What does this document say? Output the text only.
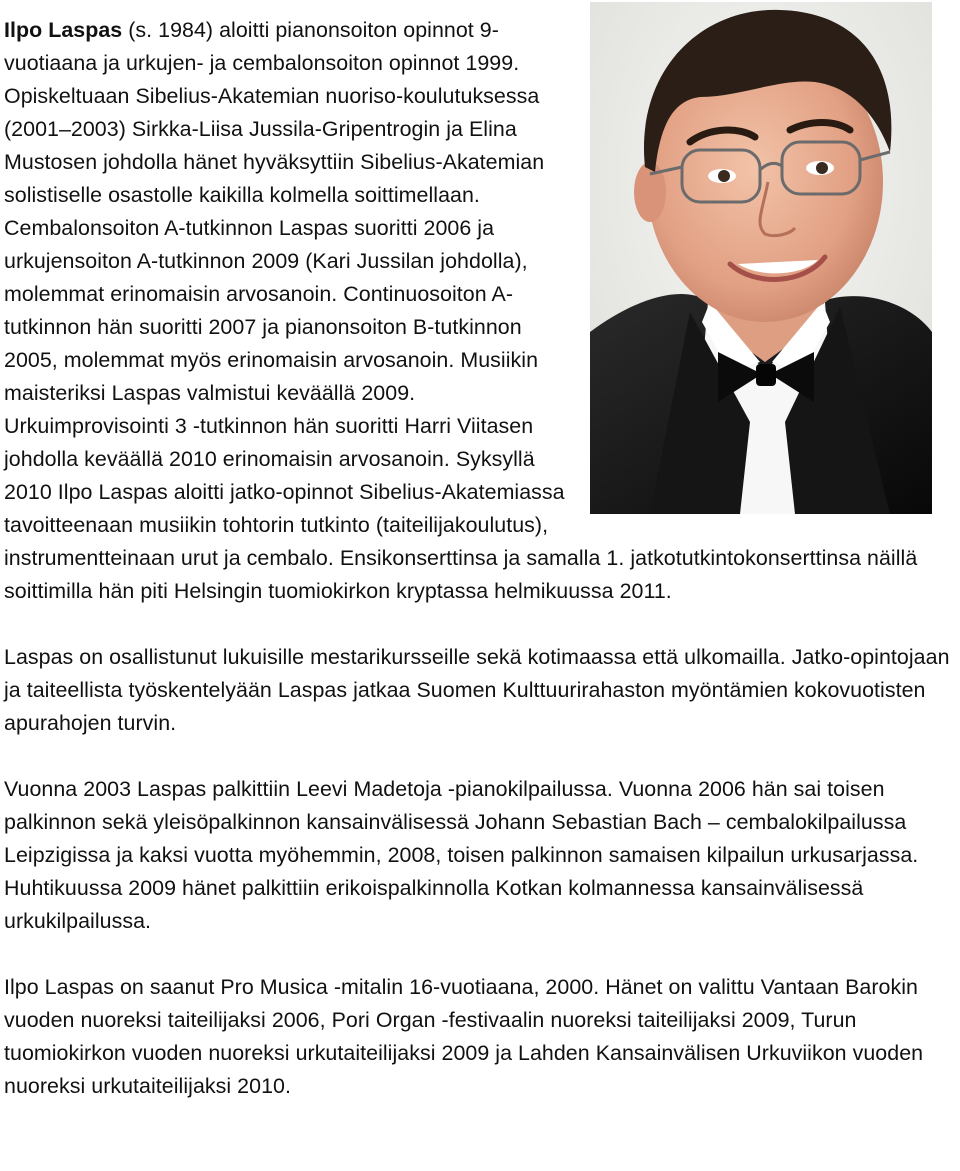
Ilpo Laspas (s. 1984) aloitti pianonsoiton opinnot 9-vuotiaana ja urkujen- ja cembalonsoiton opinnot 1999. Opiskeltuaan Sibelius-Akatemian nuoriso-koulutuksessa (2001–2003) Sirkka-Liisa Jussila-Gripentrogin ja Elina Mustosen johdolla hänet hyväksyttiin Sibelius-Akatemian solistiselle osastolle kaikilla kolmella soittimellaan. Cembalonsoiton A-tutkinnon Laspas suoritti 2006 ja urkujensoiton A-tutkinnon 2009 (Kari Jussilan johdolla), molemmat erinomaisin arvosanoin. Continuosoiton A-tutkinnon hän suoritti 2007 ja pianonsoiton B-tutkinnon 2005, molemmat myös erinomaisin arvosanoin. Musiikin maisteriksi Laspas valmistui keväällä 2009. Urkuimprovisointi 3 -tutkinnon hän suoritti Harri Viitasen johdolla keväällä 2010 erinomaisin arvosanoin. Syksyllä 2010 Ilpo Laspas aloitti jatko-opinnot Sibelius-Akatemiassa tavoitteenaan musiikin tohtorin tutkinto (taiteilijakoulutus), instrumentteinaan urut ja cembalo. Ensikonserttinsa ja samalla 1. jatkotutkintokonserttinsa näillä soittimilla hän piti Helsingin tuomiokirkon kryptassa helmikuussa 2011.

Laspas on osallistunut lukuisille mestarikursseille sekä kotimaassa että ulkomailla. Jatko-opintojaan ja taiteellista työskentelyään Laspas jatkaa Suomen Kulttuurirahaston myöntämien kokovuotisten apurahojen turvin.

Vuonna 2003 Laspas palkittiin Leevi Madetoja -pianokilpailussa. Vuonna 2006 hän sai toisen palkinnon sekä yleisöpalkinnon kansainvälisessä Johann Sebastian Bach – cembalokilpailussa Leipzigissa ja kaksi vuotta myöhemmin, 2008, toisen palkinnon samaisen kilpailun urkusarjassa. Huhtikuussa 2009 hänet palkittiin erikoispalkinnolla Kotkan kolmannessa kansainvälisessä urkukilpailussa.

Ilpo Laspas on saanut Pro Musica -mitalin 16-vuotiaana, 2000. Hänet on valittu Vantaan Barokin vuoden nuoreksi taiteilijaksi 2006, Pori Organ -festivaalin nuoreksi taiteilijaksi 2009, Turun tuomiokirkon vuoden nuoreksi urkutaiteilijaksi 2009 ja Lahden Kansainvälisen Urkuviikon vuoden nuoreksi urkutaiteilijaksi 2010.
